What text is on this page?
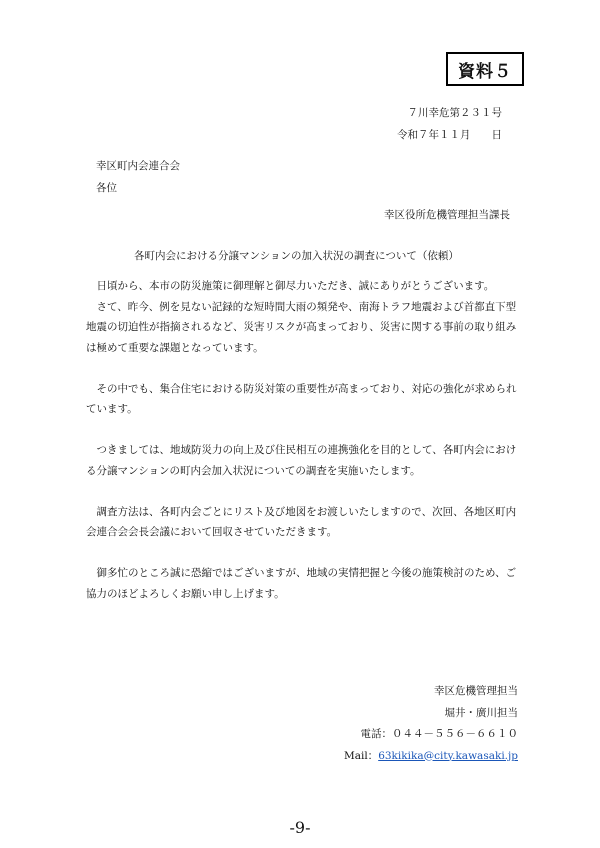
資料５
７川幸危第２３１号
令和７年１１月　　日
幸区町内会連合会
各位
幸区役所危機管理担当課長
各町内会における分譲マンションの加入状況の調査について（依頼）

日頃から、本市の防災施策に御理解と御尽力いただき、誠にありがとうございます。

さて、昨今、例を見ない記録的な短時間大雨の頻発や、南海トラフ地震および首都直下型地震の切迫性が指摘されるなど、災害リスクが高まっており、災害に関する事前の取り組みは極めて重要な課題となっています。

その中でも、集合住宅における防災対策の重要性が高まっており、対応の強化が求められています。

つきましては、地域防災力の向上及び住民相互の連携強化を目的として、各町内会における分譲マンションの町内会加入状況についての調査を実施いたします。

調査方法は、各町内会ごとにリスト及び地図をお渡しいたしますので、次回、各地区町内会連合会会長会議において回収させていただきます。

御多忙のところ誠に恐縮ではございますが、地域の実情把握と今後の施策検討のため、ご協力のほどよろしくお願い申し上げます。

幸区危機管理担当
堀井・廣川担当
電話：０４４－５５６－６６１０
Mail：63kikika@city.kawasaki.jp
-9-
